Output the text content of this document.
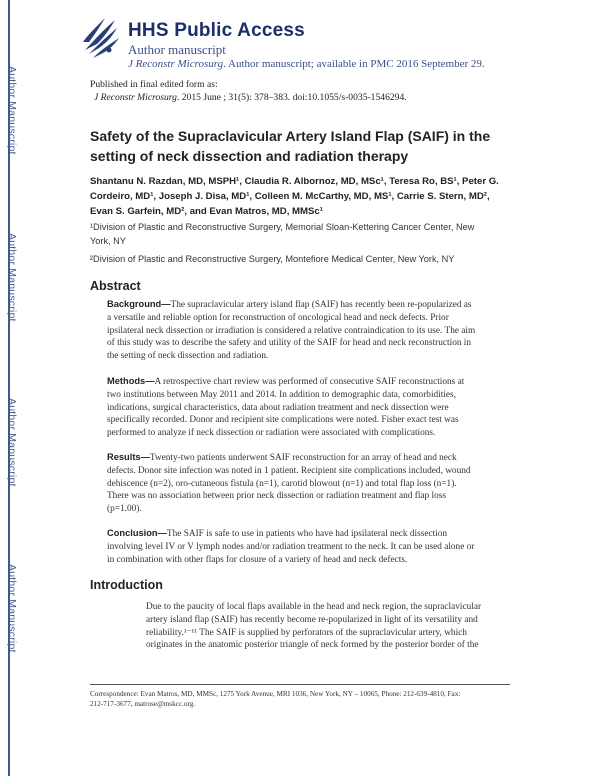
Author Manuscript
Author Manuscript
Author Manuscript
Author Manuscript
HHS Public Access
Author manuscript
J Reconstr Microsurg. Author manuscript; available in PMC 2016 September 29.
Published in final edited form as:
J Reconstr Microsurg. 2015 June ; 31(5): 378–383. doi:10.1055/s-0035-1546294.
Safety of the Supraclavicular Artery Island Flap (SAIF) in the
setting of neck dissection and radiation therapy
Shantanu N. Razdan, MD, MSPH¹, Claudia R. Albornoz, MD, MSc¹, Teresa Ro, BS¹, Peter G.
Cordeiro, MD¹, Joseph J. Disa, MD¹, Colleen M. McCarthy, MD, MS¹, Carrie S. Stern, MD²,
Evan S. Garfein, MD², and Evan Matros, MD, MMSc¹
¹Division of Plastic and Reconstructive Surgery, Memorial Sloan-Kettering Cancer Center, New
York, NY
²Division of Plastic and Reconstructive Surgery, Montefiore Medical Center, New York, NY
Abstract
Background—The supraclavicular artery island flap (SAIF) has recently been re-popularized as
a versatile and reliable option for reconstruction of oncological head and neck defects. Prior
ipsilateral neck dissection or irradiation is considered a relative contraindication to its use. The aim
of this study was to describe the safety and utility of the SAIF for head and neck reconstruction in
the setting of neck dissection and radiation.
Methods—A retrospective chart review was performed of consecutive SAIF reconstructions at
two institutions between May 2011 and 2014. In addition to demographic data, comorbidities,
indications, surgical characteristics, data about radiation treatment and neck dissection were
specifically recorded. Donor and recipient site complications were noted. Fisher exact test was
performed to analyze if neck dissection or radiation were associated with complications.
Results—Twenty-two patients underwent SAIF reconstruction for an array of head and neck
defects. Donor site infection was noted in 1 patient. Recipient site complications included, wound
dehiscence (n=2), oro-cutaneous fistula (n=1), carotid blowout (n=1) and total flap loss (n=1).
There was no association between prior neck dissection or radiation treatment and flap loss
(p=1.00).
Conclusion—The SAIF is safe to use in patients who have had ipsilateral neck dissection
involving level IV or V lymph nodes and/or radiation treatment to the neck. It can be used alone or
in combination with other flaps for closure of a variety of head and neck defects.
Introduction
Due to the paucity of local flaps available in the head and neck region, the supraclavicular
artery island flap (SAIF) has recently become re-popularized in light of its versatility and
reliability.¹⁻¹¹ The SAIF is supplied by perforators of the supraclavicular artery, which
originates in the anatomic posterior triangle of neck formed by the posterior border of the
Correspondence: Evan Matros, MD, MMSc, 1275 York Avenue, MRI 1036, New York, NY – 10065, Phone: 212-639-4810, Fax:
212-717-3677, matrose@mskcc.org.
